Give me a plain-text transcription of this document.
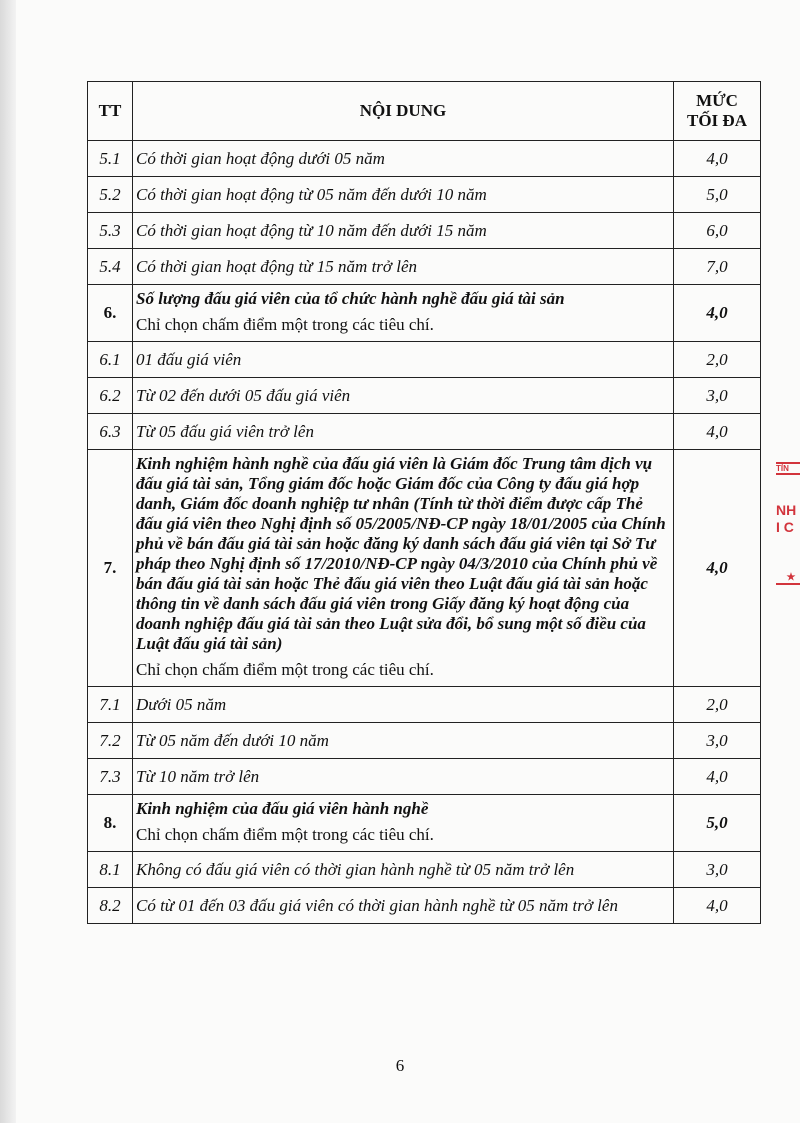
TT	NỘI DUNG	MỨC
TỐI ĐA
5.1	Có thời gian hoạt động dưới 05 năm	4,0
5.2	Có thời gian hoạt động từ 05 năm đến dưới 10 năm	5,0
5.3	Có thời gian hoạt động từ 10 năm đến dưới 15 năm	6,0
5.4	Có thời gian hoạt động từ 15 năm trở lên	7,0
6.	Số lượng đấu giá viên của tổ chức hành nghề đấu giá tài sản
Chỉ chọn chấm điểm một trong các tiêu chí.	4,0
6.1	01 đấu giá viên	2,0
6.2	Từ 02 đến dưới 05 đấu giá viên	3,0
6.3	Từ 05 đấu giá viên trở lên	4,0
7.	Kinh nghiệm hành nghề của đấu giá viên là Giám đốc Trung tâm dịch vụ đấu giá tài sản, Tổng giám đốc hoặc Giám đốc của Công ty đấu giá hợp danh, Giám đốc doanh nghiệp tư nhân (Tính từ thời điểm được cấp Thẻ đấu giá viên theo Nghị định số 05/2005/NĐ-CP ngày 18/01/2005 của Chính phủ về bán đấu giá tài sản hoặc đăng ký danh sách đấu giá viên tại Sở Tư pháp theo Nghị định số 17/2010/NĐ-CP ngày 04/3/2010 của Chính phủ về bán đấu giá tài sản hoặc Thẻ đấu giá viên theo Luật đấu giá tài sản hoặc thông tin về danh sách đấu giá viên trong Giấy đăng ký hoạt động của doanh nghiệp đấu giá tài sản theo Luật sửa đổi, bổ sung một số điều của Luật đấu giá tài sản)
Chỉ chọn chấm điểm một trong các tiêu chí.	4,0
7.1	Dưới 05 năm	2,0
7.2	Từ 05 năm đến dưới 10 năm	3,0
7.3	Từ 10 năm trở lên	4,0
8.	Kinh nghiệm của đấu giá viên hành nghề
Chỉ chọn chấm điểm một trong các tiêu chí.	5,0
8.1	Không có đấu giá viên có thời gian hành nghề từ 05 năm trở lên	3,0
8.2	Có từ 01 đến 03 đấu giá viên có thời gian hành nghề từ 05 năm trở lên	4,0
6
TỈN
NH
I C
★
